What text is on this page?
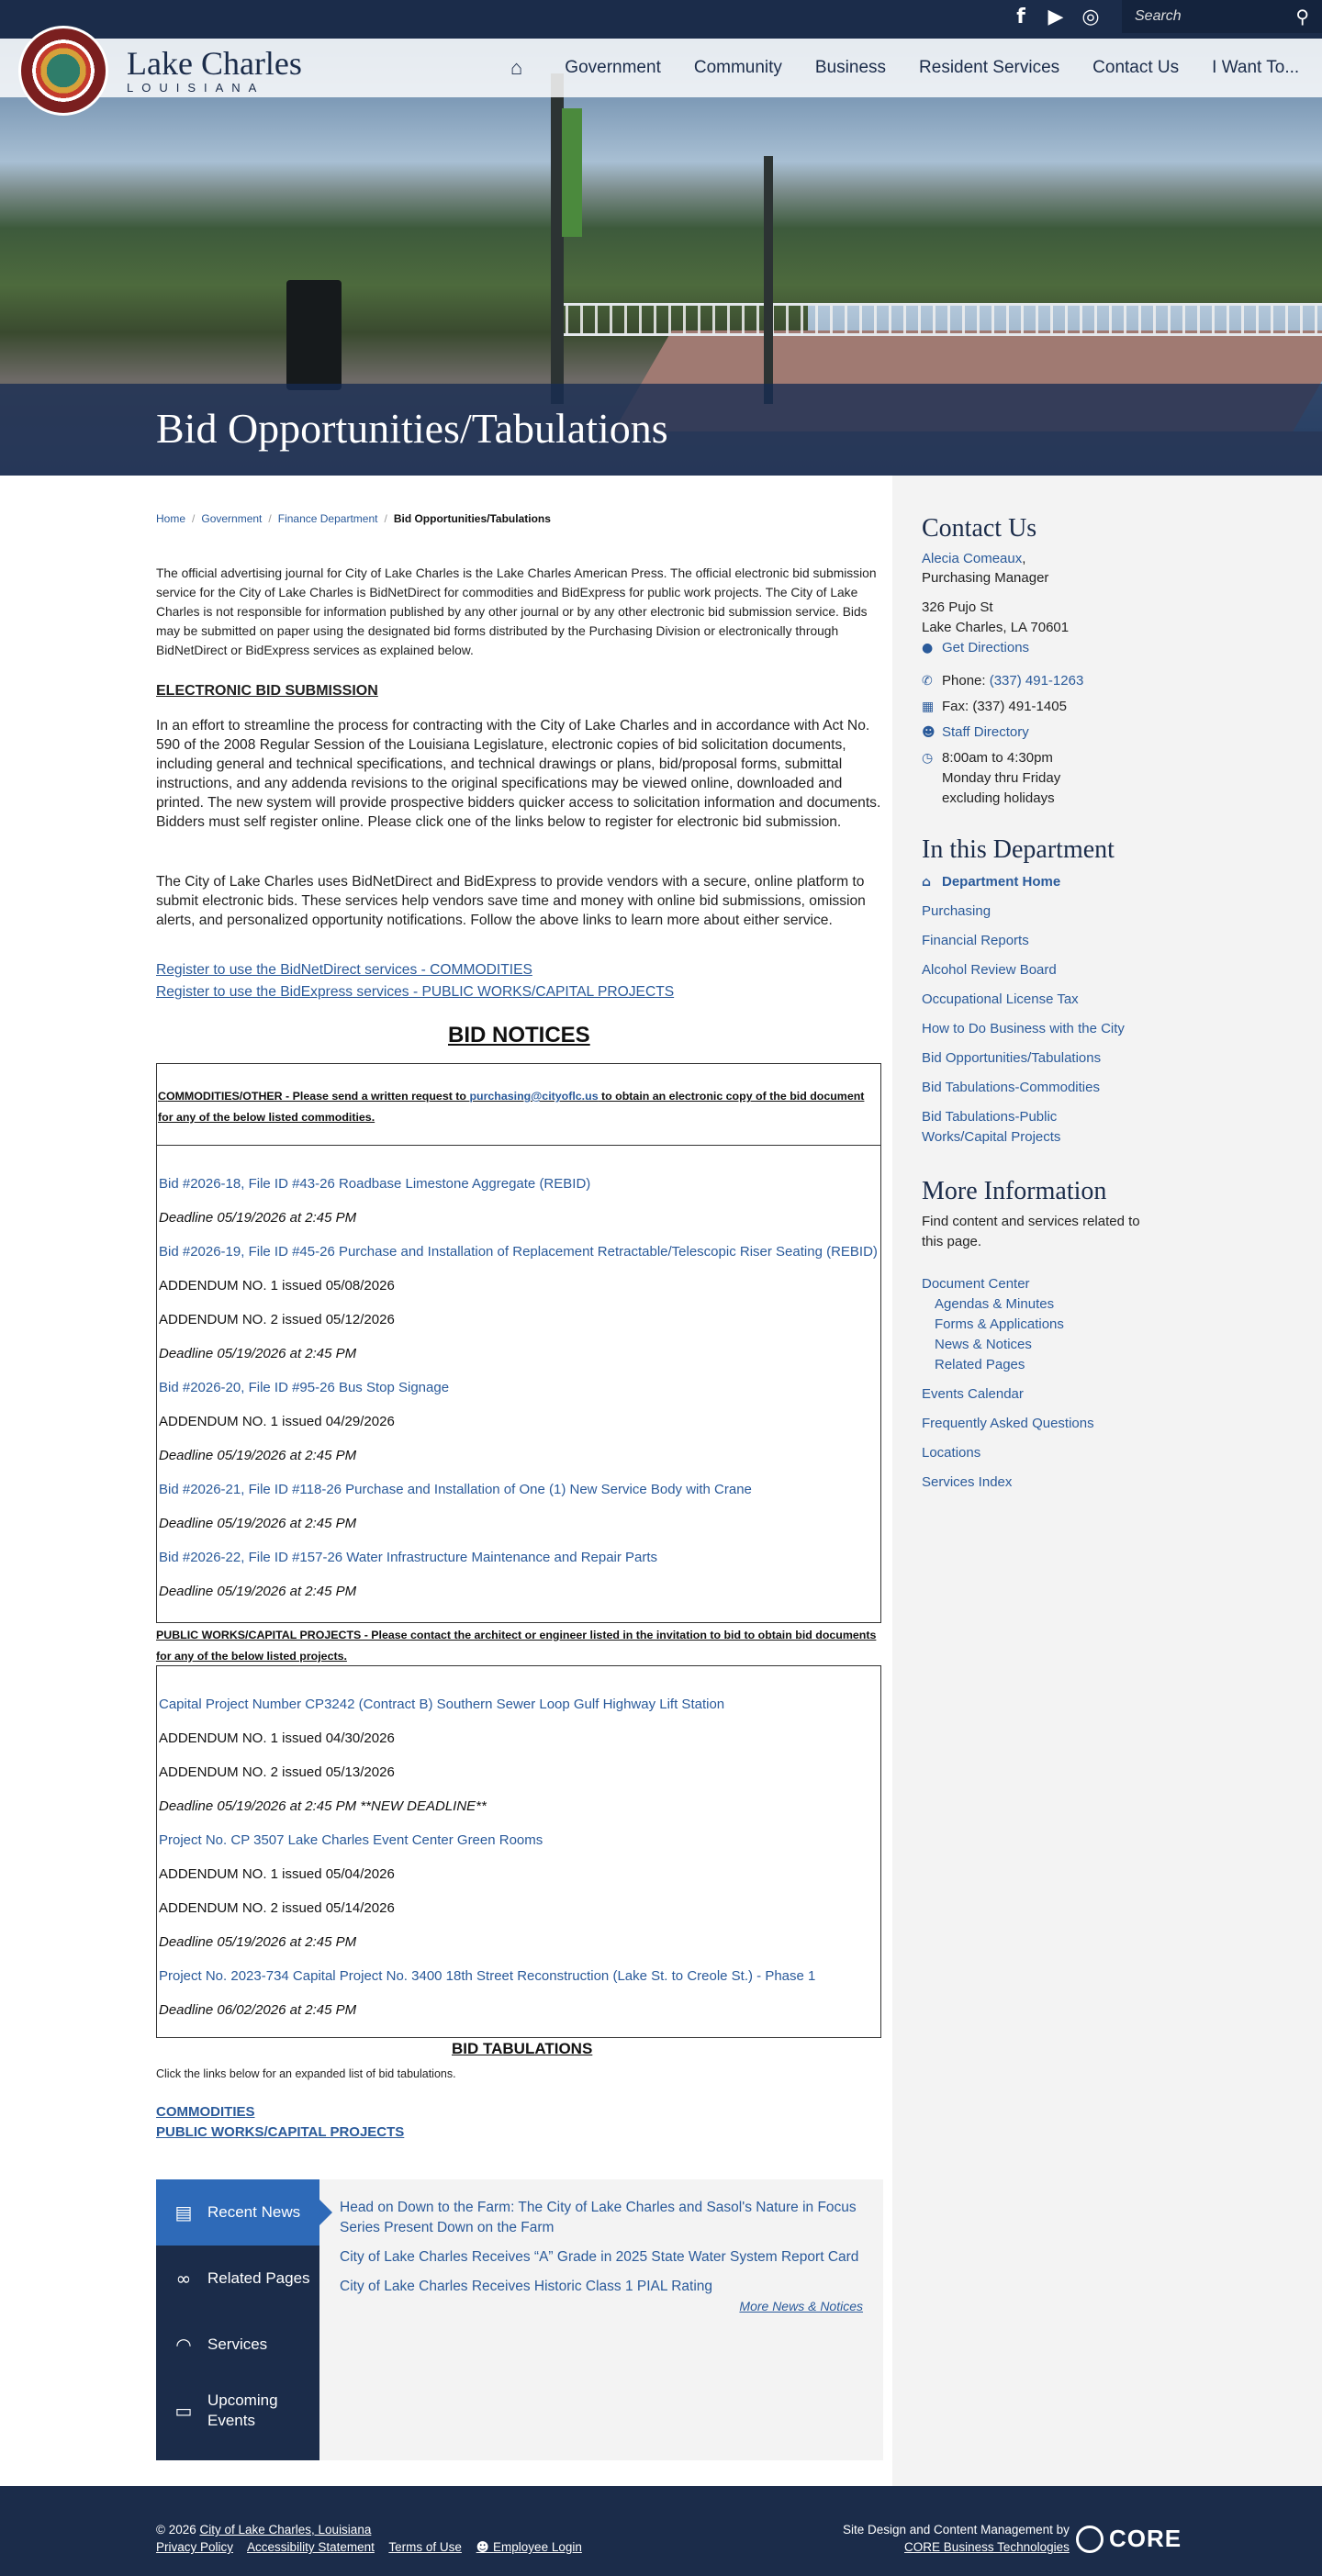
f	▶ ◎
Search	⚲
Lake Charles
LOUISIANA
⌂	Government	Community	Business	Resident Services	Contact Us	I Want To...
Bid Opportunities/Tabulations
Home / Government / Finance Department / Bid Opportunities/Tabulations

The official advertising journal for City of Lake Charles is the Lake Charles American Press. The official electronic bid submission service for the City of Lake Charles is BidNetDirect for commodities and BidExpress for public work projects. The City of Lake Charles is not responsible for information published by any other journal or by any other electronic bid submission service. Bids may be submitted on paper using the designated bid forms distributed by the Purchasing Division or electronically through BidNetDirect or BidExpress services as explained below.

ELECTRONIC BID SUBMISSION

In an effort to streamline the process for contracting with the City of Lake Charles and in accordance with Act No. 590 of the 2008 Regular Session of the Louisiana Legislature, electronic copies of bid solicitation documents, including general and technical specifications, and technical drawings or plans, bid/proposal forms, submittal instructions, and any addenda revisions to the original specifications may be viewed online, downloaded and printed. The new system will provide prospective bidders quicker access to solicitation information and documents. Bidders must self register online. Please click one of the links below to register for electronic bid submission.

The City of Lake Charles uses BidNetDirect and BidExpress to provide vendors with a secure, online platform to submit electronic bids. These services help vendors save time and money with online bid submissions, omission alerts, and personalized opportunity notifications. Follow the above links to learn more about either service.

Register to use the BidNetDirect services - COMMODITIES
Register to use the BidExpress services - PUBLIC WORKS/CAPITAL PROJECTS
BID NOTICES

COMMODITIES/OTHER - Please send a written request to purchasing@cityoflc.us to obtain an electronic copy of the bid document for any of the below listed commodities.

Bid #2026-18, File ID #43-26 Roadbase Limestone Aggregate (REBID)
Deadline 05/19/2026 at 2:45 PM
Bid #2026-19, File ID #45-26 Purchase and Installation of Replacement Retractable/Telescopic Riser Seating (REBID)
ADDENDUM NO. 1 issued 05/08/2026
ADDENDUM NO. 2 issued 05/12/2026
Deadline 05/19/2026 at 2:45 PM
Bid #2026-20, File ID #95-26 Bus Stop Signage
ADDENDUM NO. 1 issued 04/29/2026
Deadline 05/19/2026 at 2:45 PM
Bid #2026-21, File ID #118-26 Purchase and Installation of One (1) New Service Body with Crane
Deadline 05/19/2026 at 2:45 PM
Bid #2026-22, File ID #157-26 Water Infrastructure Maintenance and Repair Parts
Deadline 05/19/2026 at 2:45 PM
PUBLIC WORKS/CAPITAL PROJECTS - Please contact the architect or engineer listed in the invitation to bid to obtain bid documents for any of the below listed projects.
Capital Project Number CP3242 (Contract B) Southern Sewer Loop Gulf Highway Lift Station
ADDENDUM NO. 1 issued 04/30/2026
ADDENDUM NO. 2 issued 05/13/2026
Deadline 05/19/2026 at 2:45 PM **NEW DEADLINE**
Project No. CP 3507 Lake Charles Event Center Green Rooms
ADDENDUM NO. 1 issued 05/04/2026
ADDENDUM NO. 2 issued 05/14/2026
Deadline 05/19/2026 at 2:45 PM
Project No. 2023-734 Capital Project No. 3400 18th Street Reconstruction (Lake St. to Creole St.) - Phase 1
Deadline 06/02/2026 at 2:45 PM
BID TABULATIONS
Click the links below for an expanded list of bid tabulations.
COMMODITIES
PUBLIC WORKS/CAPITAL PROJECTS
▤ Recent News
∞ Related Pages
◠ Services
▭ Upcoming Events
Head on Down to the Farm: The City of Lake Charles and Sasol's Nature in Focus Series Present Down on the Farm
City of Lake Charles Receives “A” Grade in 2025 State Water System Report Card
City of Lake Charles Receives Historic Class 1 PIAL Rating
More News & Notices
Contact Us
Alecia Comeaux,
Purchasing Manager
326 Pujo St
Lake Charles, LA 70601
● Get Directions
✆ Phone: (337) 491-1263
▦ Fax: (337) 491-1405
☻ Staff Directory
◷ 8:00am to 4:30pm
Monday thru Friday
excluding holidays
In this Department
⌂ Department Home
Purchasing
Financial Reports
Alcohol Review Board
Occupational License Tax
How to Do Business with the City
Bid Opportunities/Tabulations
Bid Tabulations-Commodities
Bid Tabulations-Public Works/Capital Projects
More Information
Find content and services related to this page.
Document Center
Agendas & Minutes
Forms & Applications
News & Notices
Related Pages
Events Calendar
Frequently Asked Questions
Locations
Services Index
© 2026 City of Lake Charles, Louisiana
Privacy Policy Accessibility Statement Terms of Use ☻ Employee Login
Site Design and Content Management by
CORE Business Technologies CORE
